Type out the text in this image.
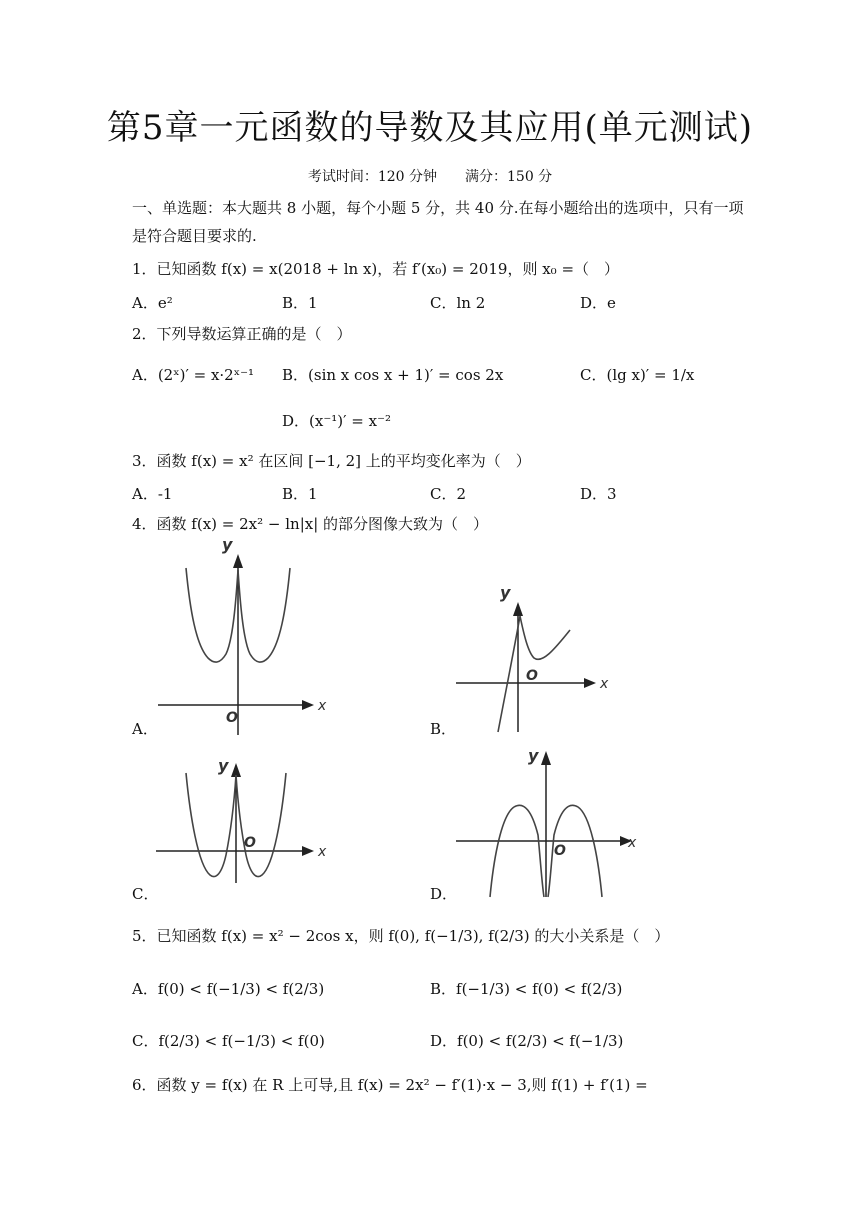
第5章一元函数的导数及其应用(单元测试)
考试时间：120 分钟　　满分：150 分
一、单选题：本大题共 8 小题，每个小题 5 分，共 40 分.在每小题给出的选项中，只有一项
是符合题目要求的.
1．已知函数 f(x) = x(2018 + ln x)，若 f′(x₀) = 2019，则 x₀ =（　）
A．e²	B．1	C．ln 2	D．e
2．下列导数运算正确的是（　）
A．(2ˣ)′ = x·2ˣ⁻¹ B．(sin x cos x + 1)′ = cos 2x	C．(lg x)′ = 1/x
D．(x⁻¹)′ = x⁻²
3．函数 f(x) = x² 在区间 [−1, 2] 上的平均变化率为（　）
A．-1	B．1	C．2	D．3
4．函数 f(x) = 2x² − ln|x| 的部分图像大致为（　）
y
x
O
A．
y
x
O
B．
y
x
O
C．
y
x
O
D．
5．已知函数 f(x) = x² − 2cos x，则 f(0), f(−1/3), f(2/3) 的大小关系是（　）
A．f(0) < f(−1/3) < f(2/3)	B．f(−1/3) < f(0) < f(2/3)
C．f(2/3) < f(−1/3) < f(0)	D．f(0) < f(2/3) < f(−1/3)
6．函数 y = f(x) 在 R 上可导,且 f(x) = 2x² − f′(1)·x − 3,则 f(1) + f′(1) =
